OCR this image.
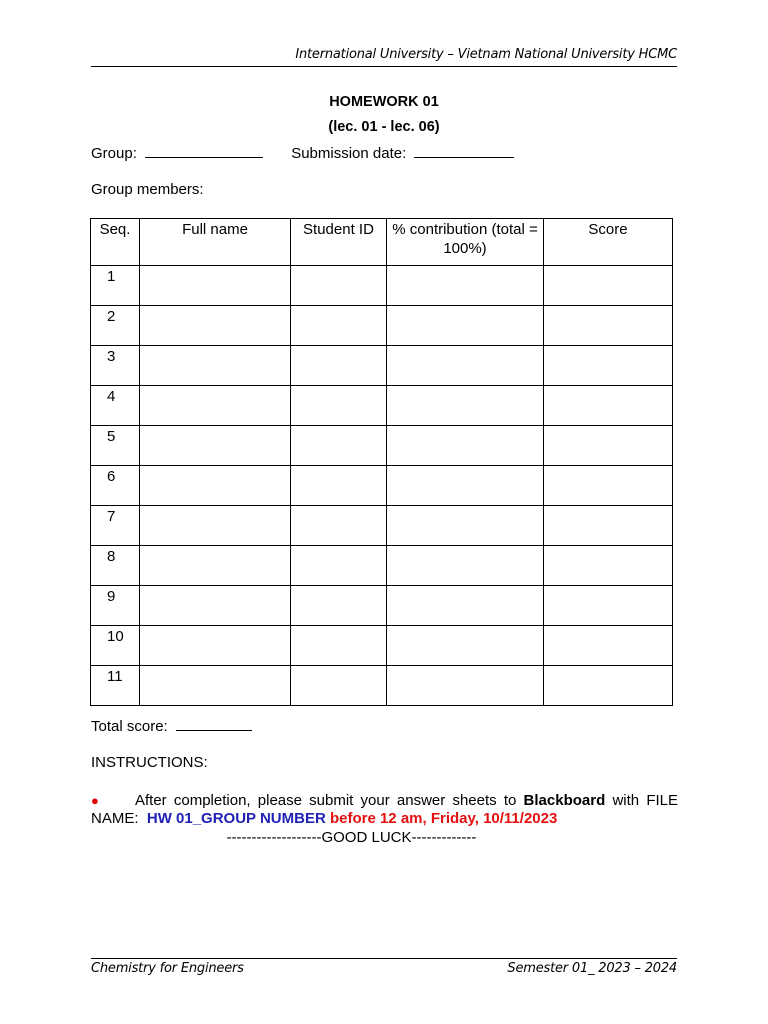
International University – Vietnam National University HCMC
HOMEWORK 01
(lec. 01 - lec. 06)
Group:	Submission date:
Group members:
Seq.	Full name	Student ID	% contribution (total = 100%)	Score
1				
2				
3				
4				
5				
6				
7				
8				
9				
10				
11				
Total score:
INSTRUCTIONS:
● After completion, please submit your answer sheets to Blackboard with FILE NAME: HW 01_GROUP NUMBER before 12 am, Friday, 10/11/2023
-------------------GOOD LUCK-------------
Chemistry for Engineers	Semester 01_ 2023 – 2024
